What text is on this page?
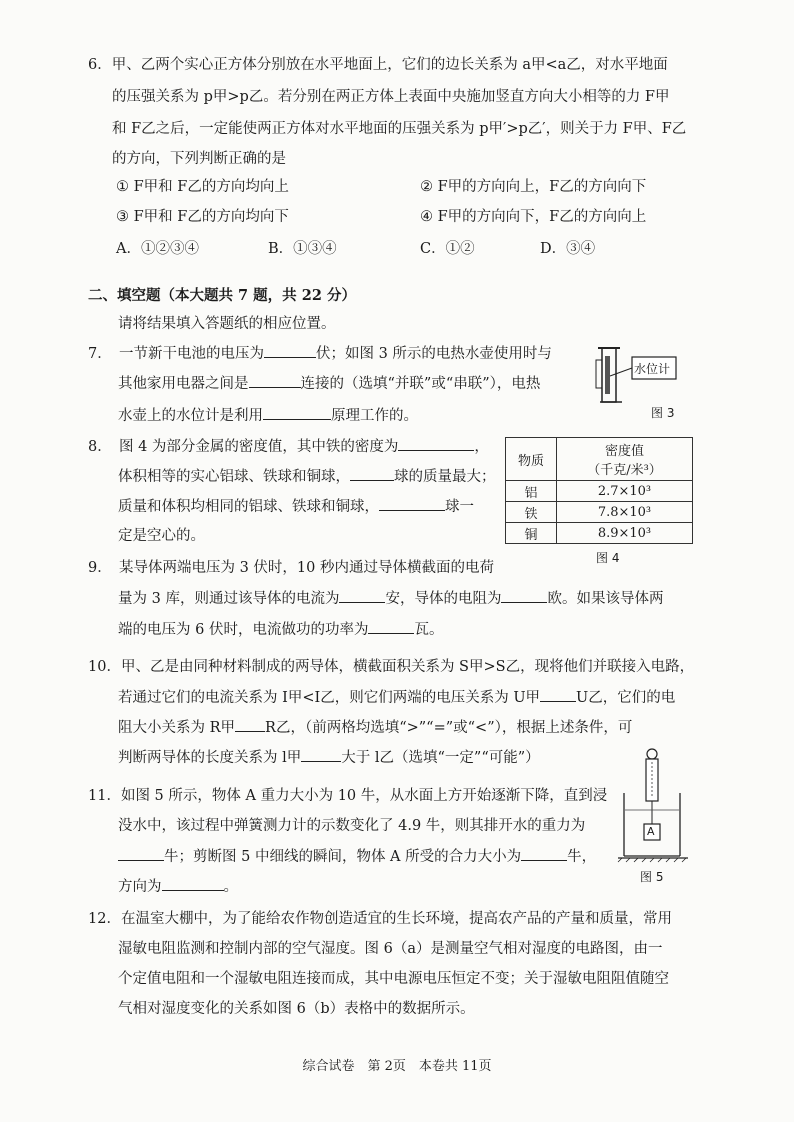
6．甲、乙两个实心正方体分别放在水平地面上，它们的边长关系为 a甲<a乙，对水平地面
的压强关系为 p甲>p乙。若分别在两正方体上表面中央施加竖直方向大小相等的力 F甲
和 F乙之后，一定能使两正方体对水平地面的压强关系为 p甲′>p乙′，则关于力 F甲、F乙
的方向，下列判断正确的是
① F甲和 F乙的方向均向上	② F甲的方向向上，F乙的方向向下
③ F甲和 F乙的方向均向下	④ F甲的方向向下，F乙的方向向上
A．①②③④	B．①③④	C．①②	D．③④
二、填空题（本大题共 7 题，共 22 分）
请将结果填入答题纸的相应位置。
7．　一节新干电池的电压为	伏；如图 3 所示的电热水壶使用时与
其他家用电器之间是	连接的（选填“并联”或“串联”），电热
水壶上的水位计是利用	原理工作的。
水位计
图 3
8．　图 4 为部分金属的密度值，其中铁的密度为	，
体积相等的实心铝球、铁球和铜球，	球的质量最大；
质量和体积均相同的铝球、铁球和铜球，	球一
定是空心的。
物质	密度值
（千克/米³）

铝	2.7×10³
铁	7.8×10³
铜	8.9×10³
图 4
9．　某导体两端电压为 3 伏时，10 秒内通过导体横截面的电荷
量为 3 库，则通过该导体的电流为	安，导体的电阻为	欧。如果该导体两
端的电压为 6 伏时，电流做功的功率为	瓦。
10．甲、乙是由同种材料制成的两导体，横截面积关系为 S甲>S乙，现将他们并联接入电路，
若通过它们的电流关系为 I甲<I乙，则它们两端的电压关系为 U甲 U乙，它们的电
阻大小关系为 R甲 R乙，（前两格均选填“>”“=”或“<”），根据上述条件，可
判断两导体的长度关系为 l甲	大于 l乙（选填“一定”“可能”）
11．如图 5 所示，物体 A 重力大小为 10 牛，从水面上方开始逐渐下降，直到浸
没水中，该过程中弹簧测力计的示数变化了 4.9 牛，则其排开水的重力为
牛；剪断图 5 中细线的瞬间，物体 A 所受的合力大小为	牛，
方向为	。
A
图 5
12．在温室大棚中，为了能给农作物创造适宜的生长环境，提高农产品的产量和质量，常用
湿敏电阻监测和控制内部的空气湿度。图 6（a）是测量空气相对湿度的电路图，由一
个定值电阻和一个湿敏电阻连接而成，其中电源电压恒定不变；关于湿敏电阻阻值随空
气相对湿度变化的关系如图 6（b）表格中的数据所示。
综合试卷　第 2页　本卷共 11页
